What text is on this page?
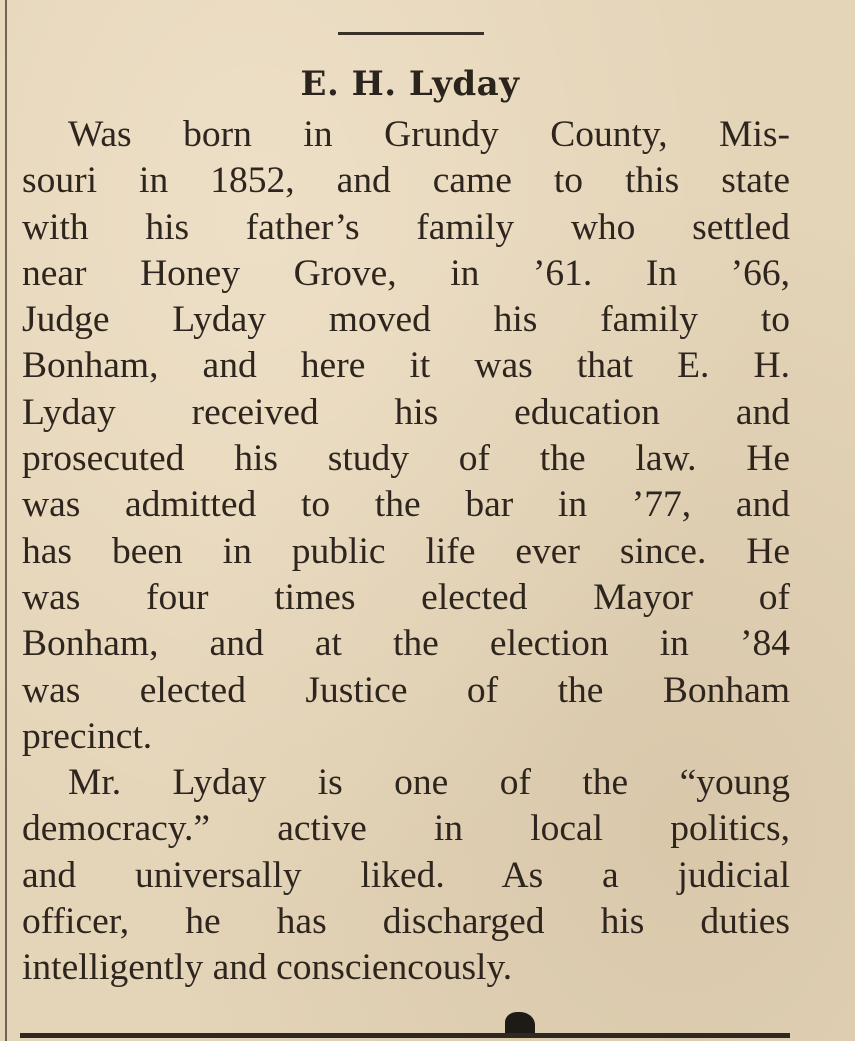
E. H. Lyday
Was born in Grundy County, Mis-
souri in 1852, and came to this state
with his father’s family who settled
near Honey Grove, in ’61. In ’66,
Judge Lyday moved his family to
Bonham, and here it was that E. H.
Lyday received his education and
prosecuted his study of the law. He
was admitted to the bar in ’77, and
has been in public life ever since. He
was four times elected Mayor of
Bonham, and at the election in ’84
was elected Justice of the Bonham
precinct.
Mr. Lyday is one of the “young
democracy.” active in local politics,
and universally liked. As a judicial
officer, he has discharged his duties
intelligently and consciencously.
